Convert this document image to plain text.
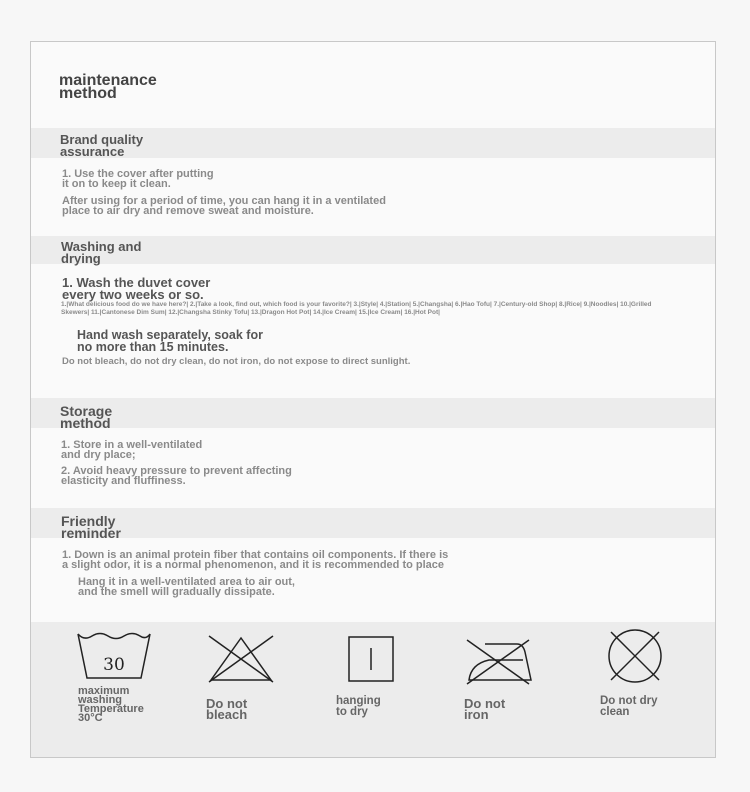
maintenance
method
Brand quality
assurance
1. Use the cover after putting
it on to keep it clean.
After using for a period of time, you can hang it in a ventilated
place to air dry and remove sweat and moisture.
Washing and
drying
1. Wash the duvet cover
every two weeks or so.
1.|What delicious food do we have here?| 2.|Take a look, find out, which food is your favorite?| 3.|Style| 4.|Station| 5.|Changsha| 6.|Hao Tofu| 7.|Century-old Shop| 8.|Rice| 9.|Noodles| 10.|Grilled Skewers| 11.|Cantonese Dim Sum| 12.|Changsha Stinky Tofu| 13.|Dragon Hot Pot| 14.|Ice Cream| 15.|Ice Cream| 16.|Hot Pot|
Hand wash separately, soak for
no more than 15 minutes.
Do not bleach, do not dry clean, do not iron, do not expose to direct sunlight.
Storage
method
1. Store in a well-ventilated
and dry place;
2. Avoid heavy pressure to prevent affecting
elasticity and fluffiness.
Friendly
reminder
1. Down is an animal protein fiber that contains oil components. If there is
a slight odor, it is a normal phenomenon, and it is recommended to place
Hang it in a well-ventilated area to air out,
and the smell will gradually dissipate.
30
maximum
washing
Temperature
30°C
Do not
bleach
hanging
to dry
Do not
iron
Do not dry
clean
